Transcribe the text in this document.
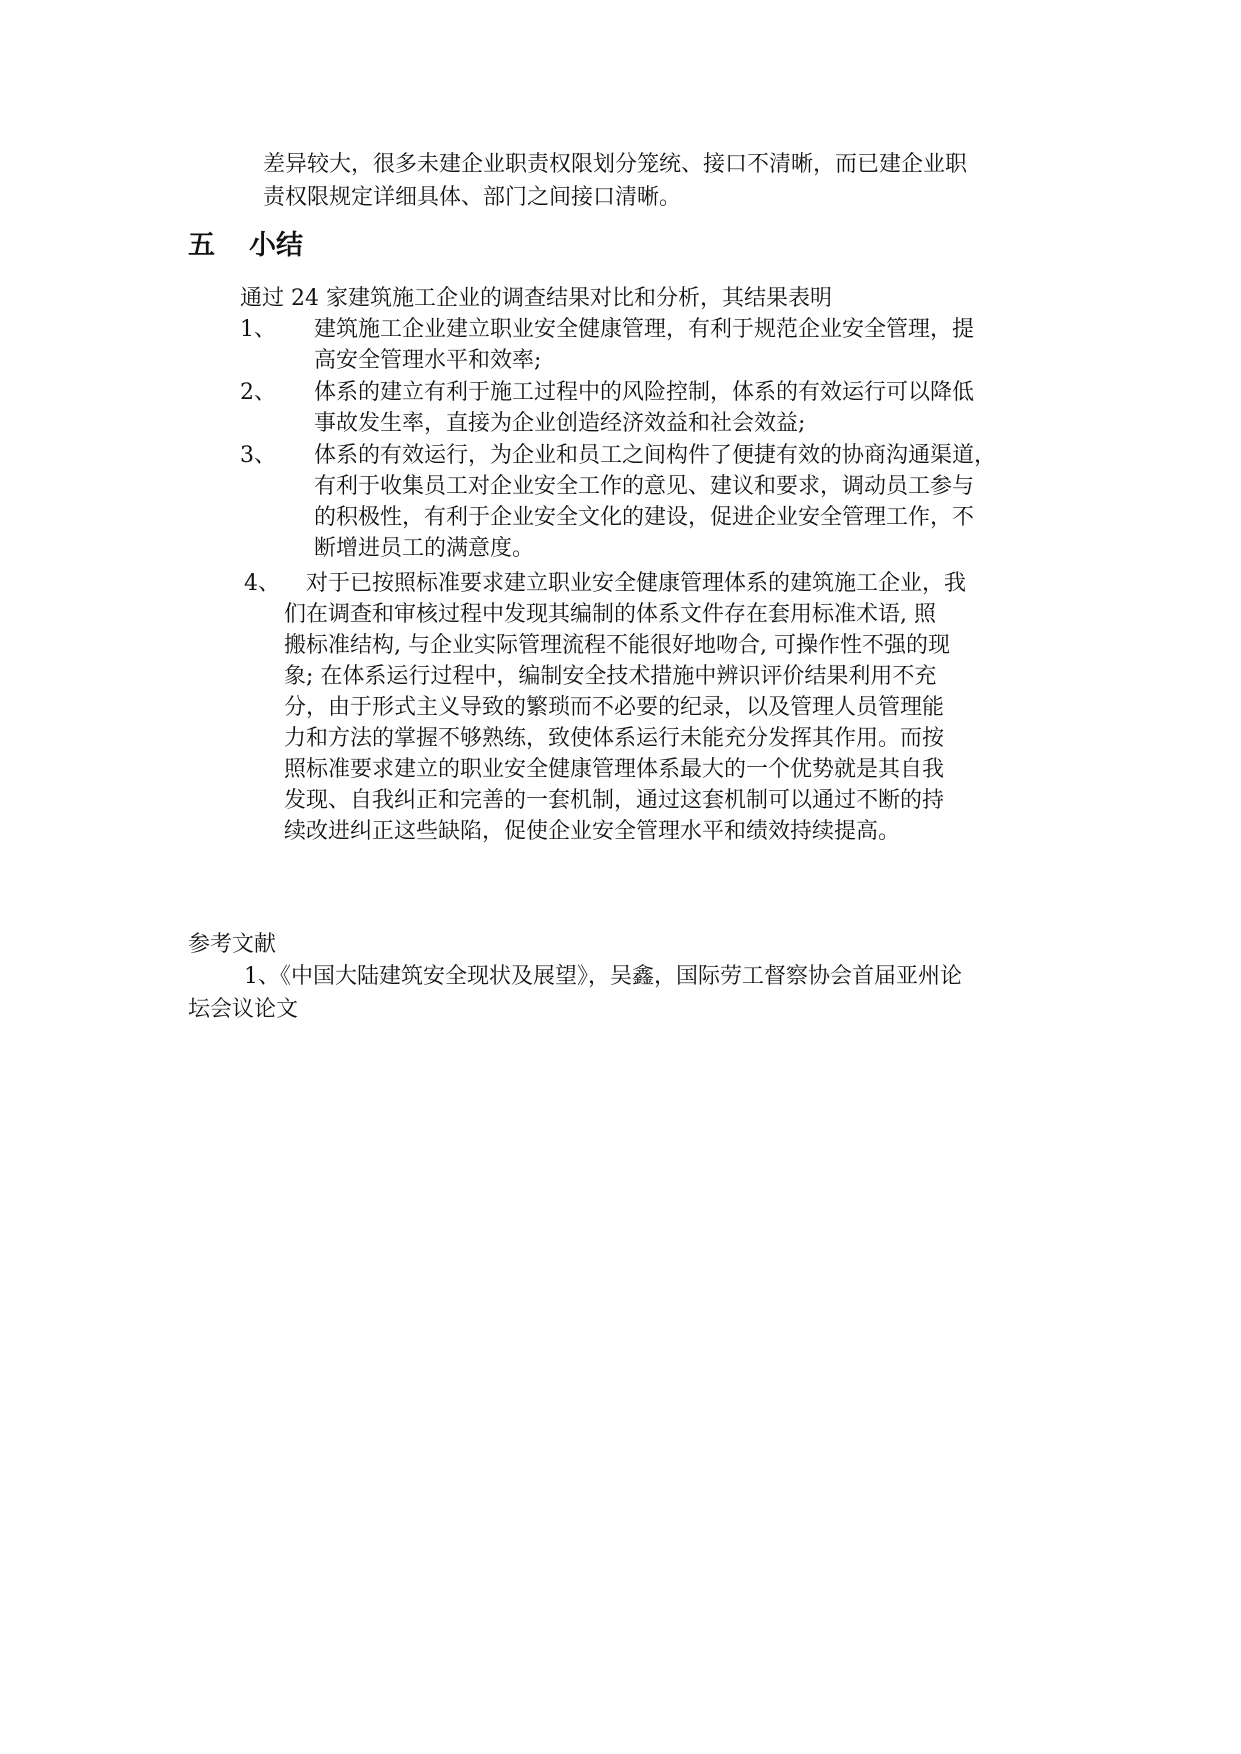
差异较大，很多未建企业职责权限划分笼统、接口不清晰，而已建企业职
责权限规定详细具体、部门之间接口清晰。
五 小结

通过 24 家建筑施工企业的调查结果对比和分析，其结果表明

1、 建筑施工企业建立职业安全健康管理，有利于规范企业安全管理，提
高安全管理水平和效率;
2、 体系的建立有利于施工过程中的风险控制，体系的有效运行可以降低
事故发生率，直接为企业创造经济效益和社会效益;
3、 体系的有效运行，为企业和员工之间构件了便捷有效的协商沟通渠道，
有利于收集员工对企业安全工作的意见、建议和要求，调动员工参与
的积极性，有利于企业安全文化的建设，促进企业安全管理工作，不
断增进员工的满意度。
4、	对于已按照标准要求建立职业安全健康管理体系的建筑施工企业，我
们在调查和审核过程中发现其编制的体系文件存在套用标准术语, 照
搬标准结构, 与企业实际管理流程不能很好地吻合, 可操作性不强的现
象; 在体系运行过程中，编制安全技术措施中辨识评价结果利用不充
分，由于形式主义导致的繁琐而不必要的纪录，以及管理人员管理能
力和方法的掌握不够熟练，致使体系运行未能充分发挥其作用。而按
照标准要求建立的职业安全健康管理体系最大的一个优势就是其自我
发现、自我纠正和完善的一套机制，通过这套机制可以通过不断的持
续改进纠正这些缺陷，促使企业安全管理水平和绩效持续提高。

参考文献

1、《中国大陆建筑安全现状及展望》，吴鑫，国际劳工督察协会首届亚州论
坛会议论文
